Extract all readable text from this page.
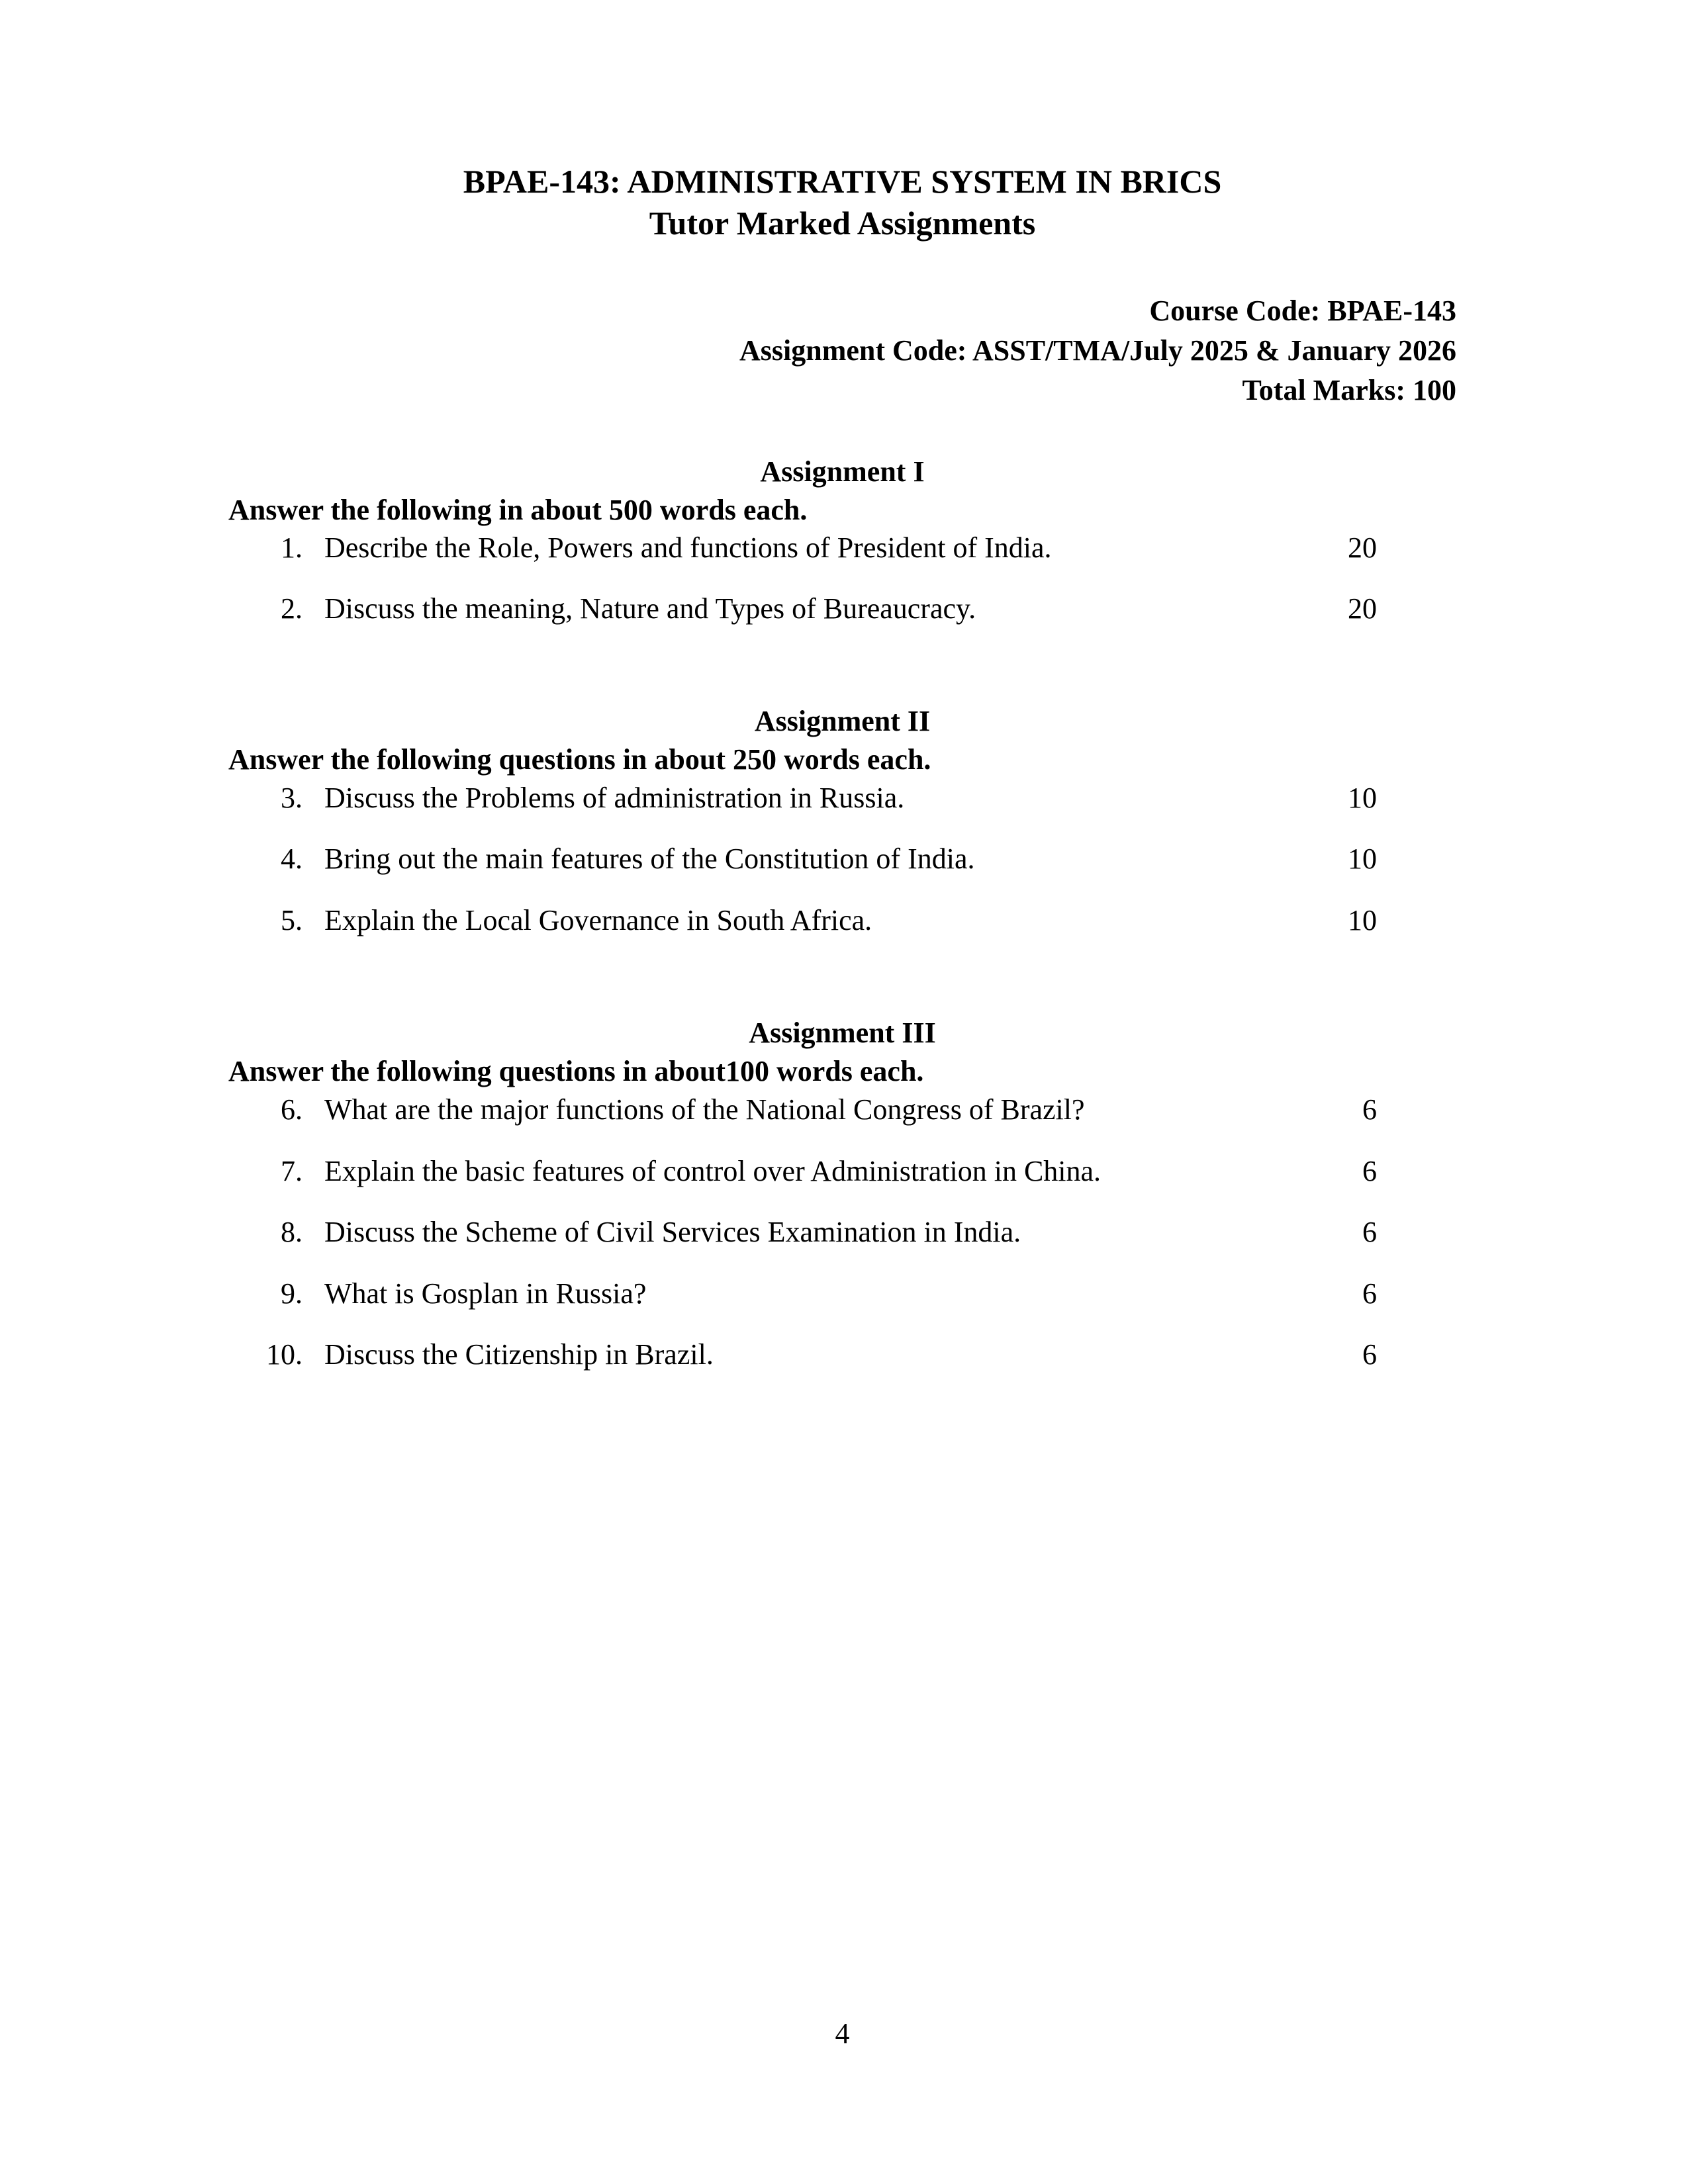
BPAE-143: ADMINISTRATIVE SYSTEM IN BRICS
Tutor Marked Assignments
Course Code: BPAE-143
Assignment Code: ASST/TMA/July 2025 & January 2026
Total Marks: 100
Assignment I
Answer the following in about 500 words each.
1. Describe the Role, Powers and functions of President of India.	20
2. Discuss the meaning, Nature and Types of Bureaucracy.	20
Assignment II
Answer the following questions in about 250 words each.
3. Discuss the Problems of administration in Russia.	10
4. Bring out the main features of the Constitution of India.	10
5. Explain the Local Governance in South Africa.	10
Assignment III
Answer the following questions in about100 words each.
6. What are the major functions of the National Congress of Brazil?	6
7. Explain the basic features of control over Administration in China.	6
8. Discuss the Scheme of Civil Services Examination in India.	6
9. What is Gosplan in Russia?	6
10. Discuss the Citizenship in Brazil.	6
4
